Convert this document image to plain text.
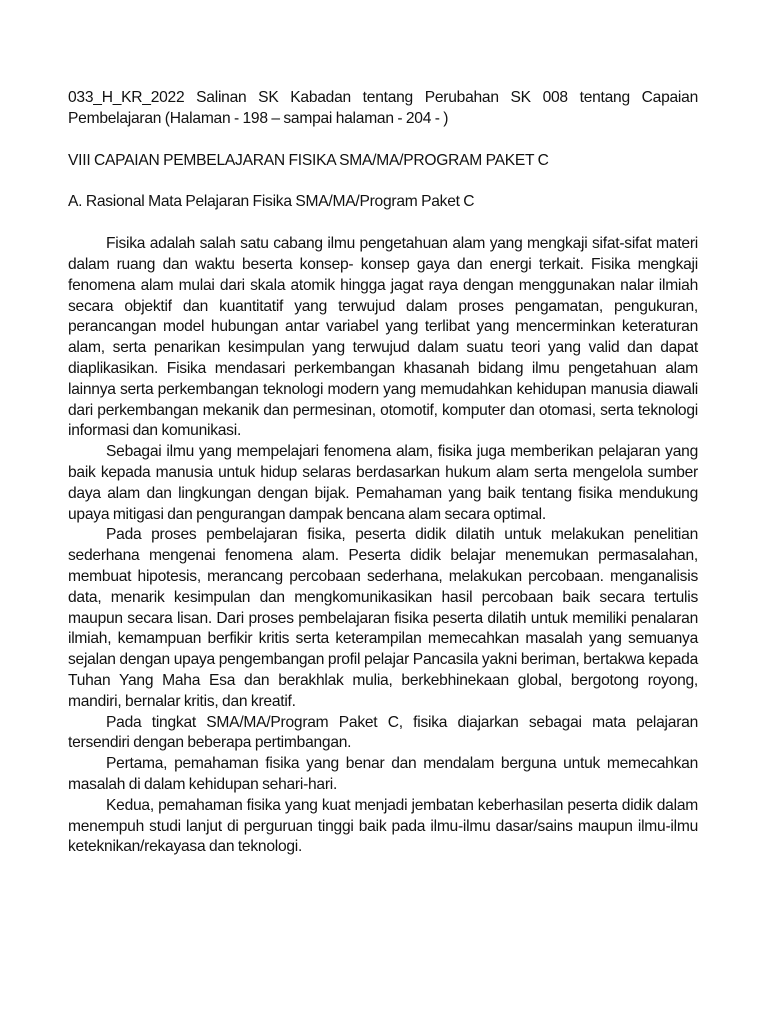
033_H_KR_2022 Salinan SK Kabadan tentang Perubahan SK 008 tentang Capaian Pembelajaran (Halaman - 198 – sampai halaman - 204 - )

VIII CAPAIAN PEMBELAJARAN FISIKA SMA/MA/PROGRAM PAKET C
A. Rasional Mata Pelajaran Fisika SMA/MA/Program Paket C

Fisika adalah salah satu cabang ilmu pengetahuan alam yang mengkaji sifat-sifat materi dalam ruang dan waktu beserta konsep- konsep gaya dan energi terkait. Fisika mengkaji fenomena alam mulai dari skala atomik hingga jagat raya dengan menggunakan nalar ilmiah secara objektif dan kuantitatif yang terwujud dalam proses pengamatan, pengukuran, perancangan model hubungan antar variabel yang terlibat yang mencerminkan keteraturan alam, serta penarikan kesimpulan yang terwujud dalam suatu teori yang valid dan dapat diaplikasikan. Fisika mendasari perkembangan khasanah bidang ilmu pengetahuan alam lainnya serta perkembangan teknologi modern yang memudahkan kehidupan manusia diawali dari perkembangan mekanik dan permesinan, otomotif, komputer dan otomasi, serta teknologi informasi dan komunikasi.

Sebagai ilmu yang mempelajari fenomena alam, fisika juga memberikan pelajaran yang baik kepada manusia untuk hidup selaras berdasarkan hukum alam serta mengelola sumber daya alam dan lingkungan dengan bijak. Pemahaman yang baik tentang fisika mendukung upaya mitigasi dan pengurangan dampak bencana alam secara optimal.

Pada proses pembelajaran fisika, peserta didik dilatih untuk melakukan penelitian sederhana mengenai fenomena alam. Peserta didik belajar menemukan permasalahan, membuat hipotesis, merancang percobaan sederhana, melakukan percobaan. menganalisis data, menarik kesimpulan dan mengkomunikasikan hasil percobaan baik secara tertulis maupun secara lisan. Dari proses pembelajaran fisika peserta dilatih untuk memiliki penalaran ilmiah, kemampuan berfikir kritis serta keterampilan memecahkan masalah yang semuanya sejalan dengan upaya pengembangan profil pelajar Pancasila yakni beriman, bertakwa kepada Tuhan Yang Maha Esa dan berakhlak mulia, berkebhinekaan global, bergotong royong, mandiri, bernalar kritis, dan kreatif.

Pada tingkat SMA/MA/Program Paket C, fisika diajarkan sebagai mata pelajaran tersendiri dengan beberapa pertimbangan.

Pertama, pemahaman fisika yang benar dan mendalam berguna untuk memecahkan masalah di dalam kehidupan sehari-hari.

Kedua, pemahaman fisika yang kuat menjadi jembatan keberhasilan peserta didik dalam menempuh studi lanjut di perguruan tinggi baik pada ilmu-ilmu dasar/sains maupun ilmu-ilmu keteknikan/rekayasa dan teknologi.
